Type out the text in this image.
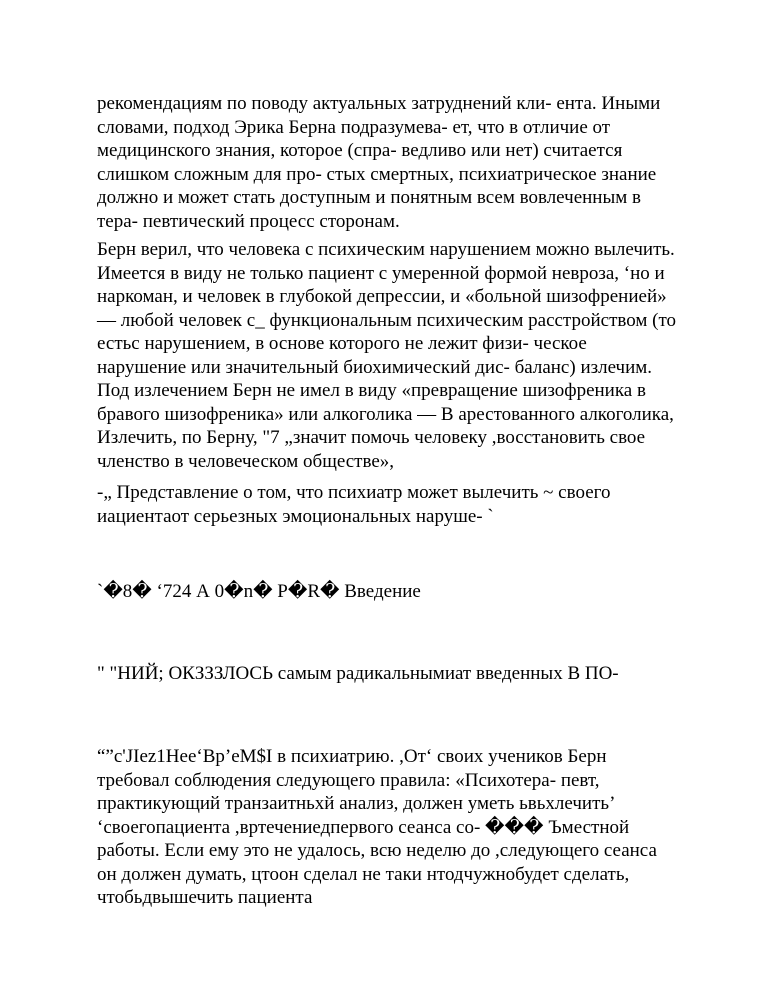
рекомендациям по поводу актуальных затруднений кли- ента. Иными
словами, подход Эрика Берна подразумева- ет, что в отличие от
медицинского знания, которое (спра- ведливо или нет) считается
слишком сложным для про- стых смертных, психиатрическое знание
должно и может стать доступным и понятным всем вовлеченным в
тера- певтический процесс сторонам.

Берн верил, что человека с психическим нарушением можно вылечить.
Имеется в виду не только пациент с умеренной формой невроза, ‘но и
наркоман, и человек в глубокой депрессии, и «больной шизофренией»
— любой человек с_ функциональным психическим расстройством (то
естьс нарушением, в основе которого не лежит физи- ческое
нарушение или значительный биохимический дис- баланс) излечим.
Под излечением Берн не имел в виду «превращение шизофреника в
бравого шизофреника» или алкоголика — В арестованного алкоголика,
Излечить, по Берну, "7 „значит помочь человеку ,восстановить свое
членство в человеческом обществе»,

-„ Представление о том, что психиатр может вылечить ~ своего
иациентаот серьезных эмоциональных наруше- `

`�8� ‘724 А 0�n� P�R� Введение

" "НИЙ; ОКЗЗЗЛОСЬ самым радикальнымиат введенных В ПО-

“”с'JIez1Hee‘Bp’eM$I в психиатрию. ,От‘ своих учеников Берн
требовал соблюдения следующего правила: «Психотера- певт,
практикующий транзаитньхй анализ, должен уметь ьвьхлечить’
‘своегопациента ,вртечениедпервого сеанса со- ��� Ъместной
работы. Если ему это не удалось, всю неделю до ,следующего сеанса
он должен думать, цтоон сделал не таки нтодчужнобудет сделать,
чтобьдвышечить пациента
